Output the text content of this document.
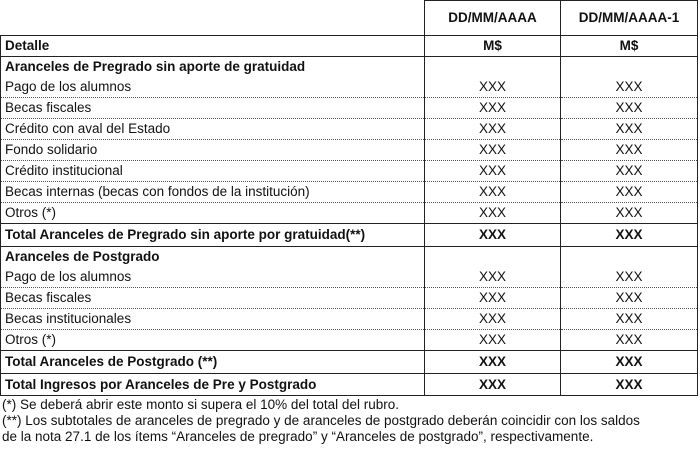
	DD/MM/AAAA	DD/MM/AAAA-1
Detalle	M$	M$
Aranceles de Pregrado sin aporte de gratuidad		
Pago de los alumnos	XXX	XXX
Becas fiscales	XXX	XXX
Crédito con aval del Estado	XXX	XXX
Fondo solidario	XXX	XXX
Crédito institucional	XXX	XXX
Becas internas (becas con fondos de la institución)	XXX	XXX
Otros (*)	XXX	XXX
Total Aranceles de Pregrado sin aporte por gratuidad(**)	XXX	XXX
Aranceles de Postgrado		
Pago de los alumnos	XXX	XXX
Becas fiscales	XXX	XXX
Becas institucionales	XXX	XXX
Otros (*)	XXX	XXX
Total Aranceles de Postgrado (**)	XXX	XXX
Total Ingresos por Aranceles de Pre y Postgrado	XXX	XXX
(*) Se deberá abrir este monto si supera el 10% del total del rubro.
(**) Los subtotales de aranceles de pregrado y de aranceles de postgrado deberán coincidir con los saldos
de la nota 27.1 de los ítems “Aranceles de pregrado” y “Aranceles de postgrado”, respectivamente.
